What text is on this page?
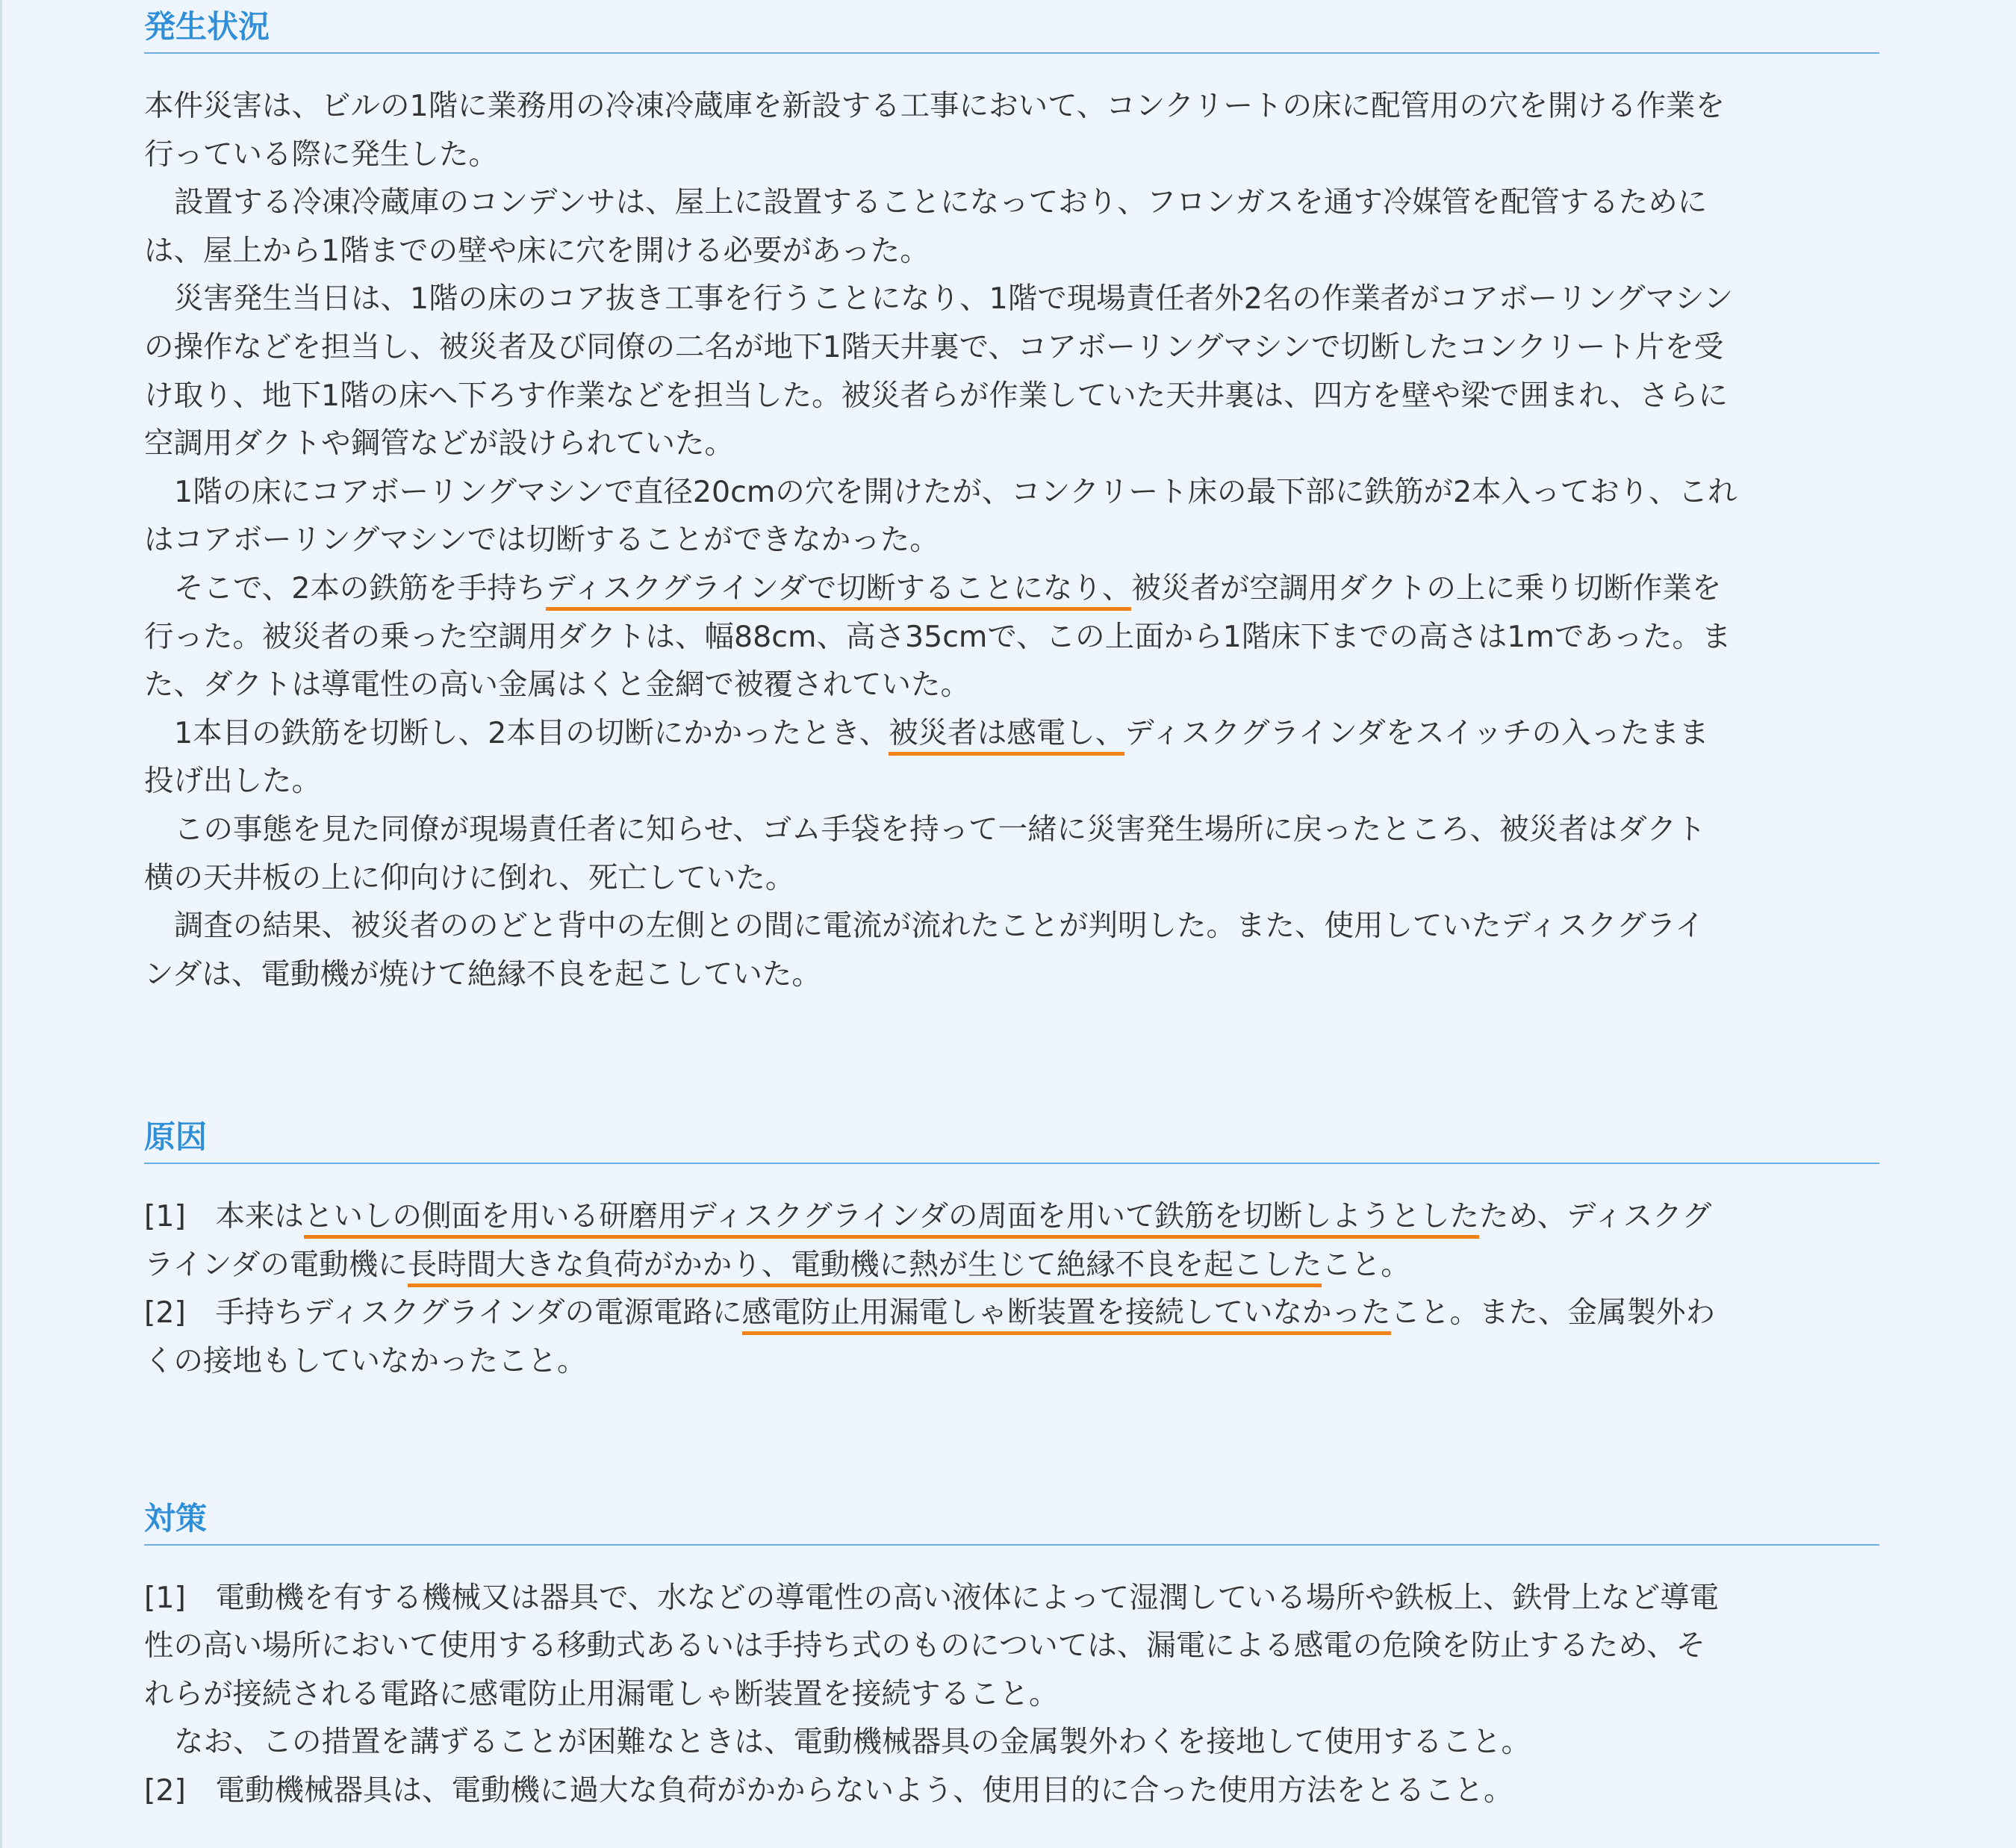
発生状況
本件災害は、ビルの1階に業務用の冷凍冷蔵庫を新設する工事において、コンクリートの床に配管用の穴を開ける作業を
行っている際に発生した。
設置する冷凍冷蔵庫のコンデンサは、屋上に設置することになっており、フロンガスを通す冷媒管を配管するために
は、屋上から1階までの壁や床に穴を開ける必要があった。
災害発生当日は、1階の床のコア抜き工事を行うことになり、1階で現場責任者外2名の作業者がコアボーリングマシン
の操作などを担当し、被災者及び同僚の二名が地下1階天井裏で、コアボーリングマシンで切断したコンクリート片を受
け取り、地下1階の床へ下ろす作業などを担当した。被災者らが作業していた天井裏は、四方を壁や梁で囲まれ、さらに
空調用ダクトや鋼管などが設けられていた。
1階の床にコアボーリングマシンで直径20cmの穴を開けたが、コンクリート床の最下部に鉄筋が2本入っており、これ
はコアボーリングマシンでは切断することができなかった。
そこで、2本の鉄筋を手持ちディスクグラインダで切断することになり、被災者が空調用ダクトの上に乗り切断作業を
行った。被災者の乗った空調用ダクトは、幅88cm、高さ35cmで、この上面から1階床下までの高さは1mであった。ま
た、ダクトは導電性の高い金属はくと金網で被覆されていた。
1本目の鉄筋を切断し、2本目の切断にかかったとき、被災者は感電し、ディスクグラインダをスイッチの入ったまま
投げ出した。
この事態を見た同僚が現場責任者に知らせ、ゴム手袋を持って一緒に災害発生場所に戻ったところ、被災者はダクト
横の天井板の上に仰向けに倒れ、死亡していた。
調査の結果、被災者ののどと背中の左側との間に電流が流れたことが判明した。また、使用していたディスクグライ
ンダは、電動機が焼けて絶縁不良を起こしていた。
原因
[1]　本来はといしの側面を用いる研磨用ディスクグラインダの周面を用いて鉄筋を切断しようとしたため、ディスクグ
ラインダの電動機に長時間大きな負荷がかかり、電動機に熱が生じて絶縁不良を起こしたこと。
[2]　手持ちディスクグラインダの電源電路に感電防止用漏電しゃ断装置を接続していなかったこと。また、金属製外わ
くの接地もしていなかったこと。
対策
[1]　電動機を有する機械又は器具で、水などの導電性の高い液体によって湿潤している場所や鉄板上、鉄骨上など導電
性の高い場所において使用する移動式あるいは手持ち式のものについては、漏電による感電の危険を防止するため、そ
れらが接続される電路に感電防止用漏電しゃ断装置を接続すること。
なお、この措置を講ずることが困難なときは、電動機械器具の金属製外わくを接地して使用すること。
[2]　電動機械器具は、電動機に過大な負荷がかからないよう、使用目的に合った使用方法をとること。
